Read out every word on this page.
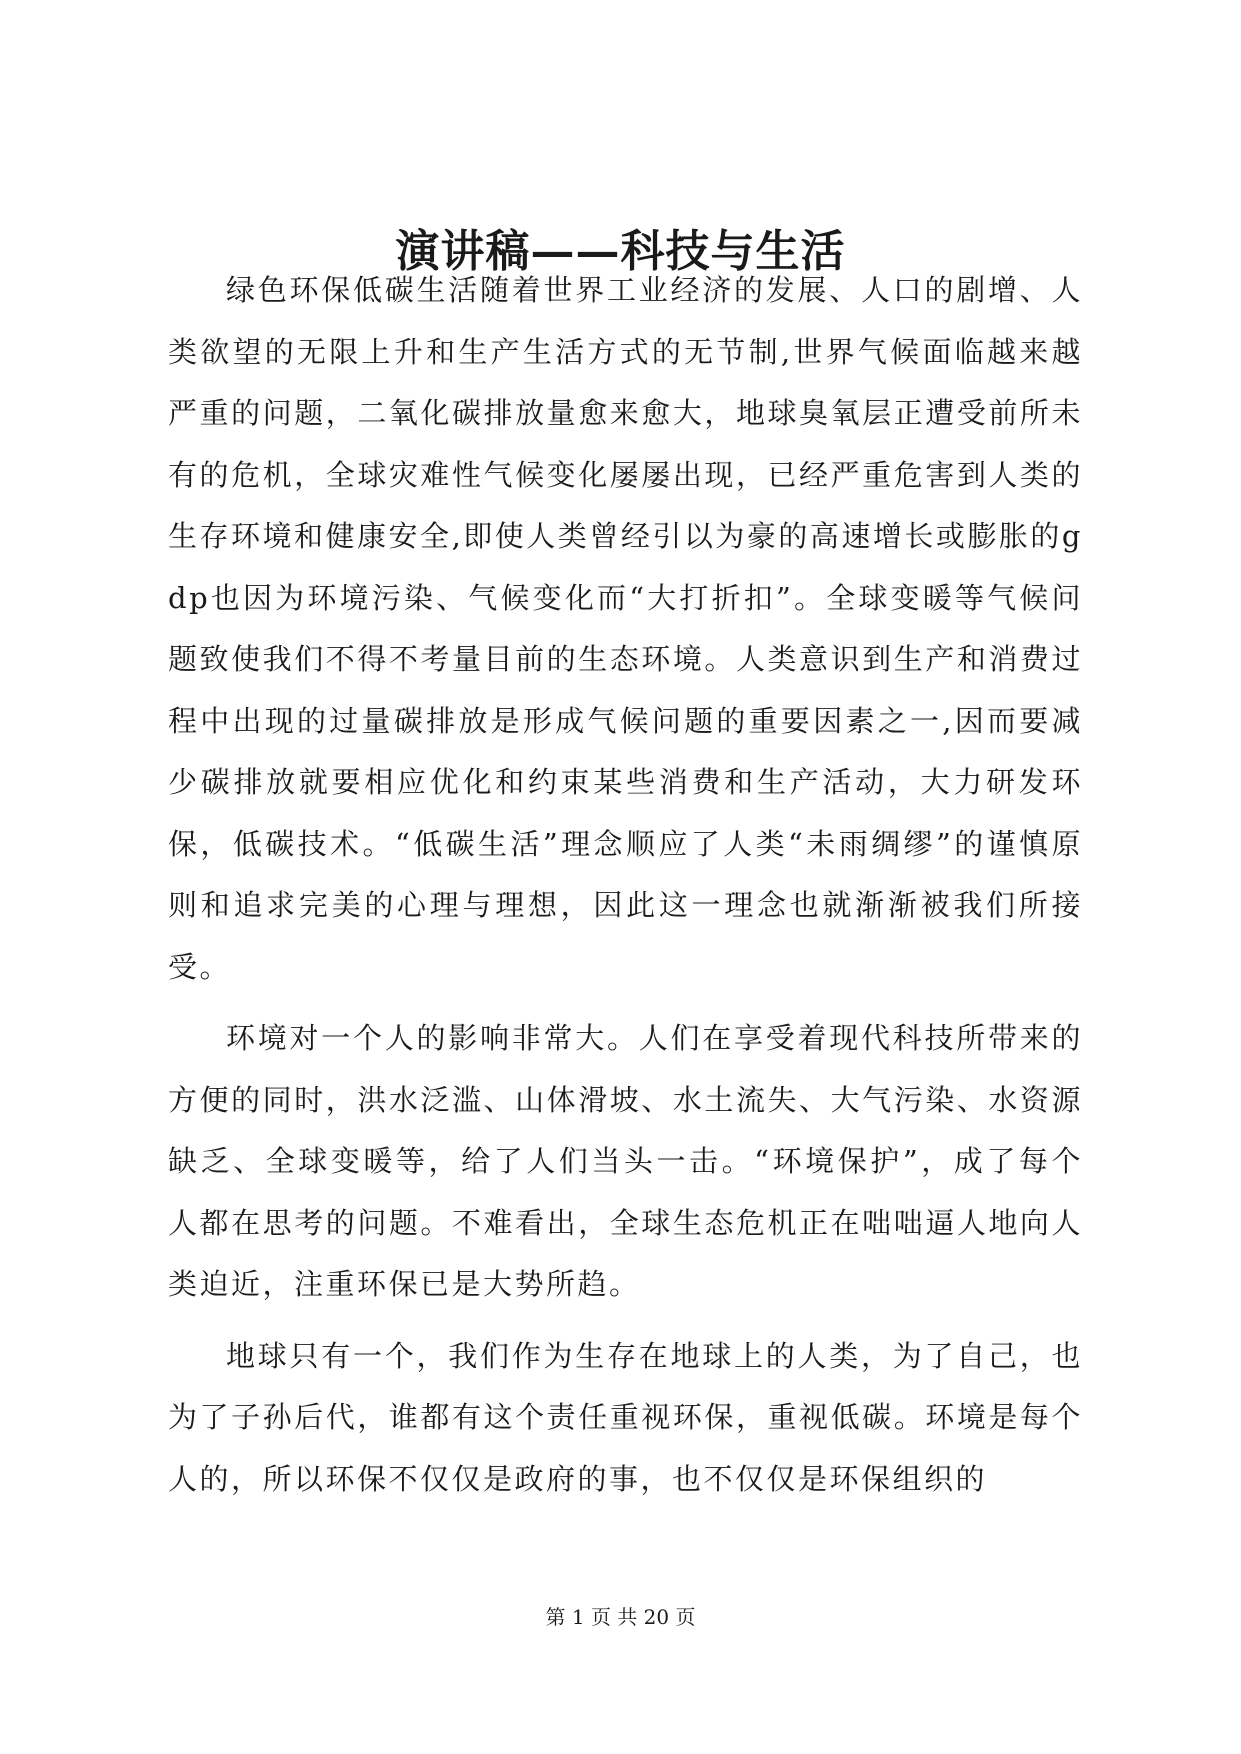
演讲稿——科技与生活

绿色环保低碳生活随着世界工业经济的发展、人口的剧增、人类欲望的无限上升和生产生活方式的无节制,世界气候面临越来越严重的问题，二氧化碳排放量愈来愈大，地球臭氧层正遭受前所未有的危机，全球灾难性气候变化屡屡出现，已经严重危害到人类的生存环境和健康安全,即使人类曾经引以为豪的高速增长或膨胀的gdp也因为环境污染、气候变化而“大打折扣”。全球变暖等气候问题致使我们不得不考量目前的生态环境。人类意识到生产和消费过程中出现的过量碳排放是形成气候问题的重要因素之一,因而要减少碳排放就要相应优化和约束某些消费和生产活动，大力研发环保，低碳技术。“低碳生活”理念顺应了人类“未雨绸缪”的谨慎原则和追求完美的心理与理想，因此这一理念也就渐渐被我们所接受。

环境对一个人的影响非常大。人们在享受着现代科技所带来的方便的同时，洪水泛滥、山体滑坡、水土流失、大气污染、水资源缺乏、全球变暖等，给了人们当头一击。“环境保护”，成了每个人都在思考的问题。不难看出，全球生态危机正在咄咄逼人地向人类迫近，注重环保已是大势所趋。

地球只有一个，我们作为生存在地球上的人类，为了自己，也为了子孙后代，谁都有这个责任重视环保，重视低碳。环境是每个人的，所以环保不仅仅是政府的事，也不仅仅是环保组织的

第 1 页 共 20 页
